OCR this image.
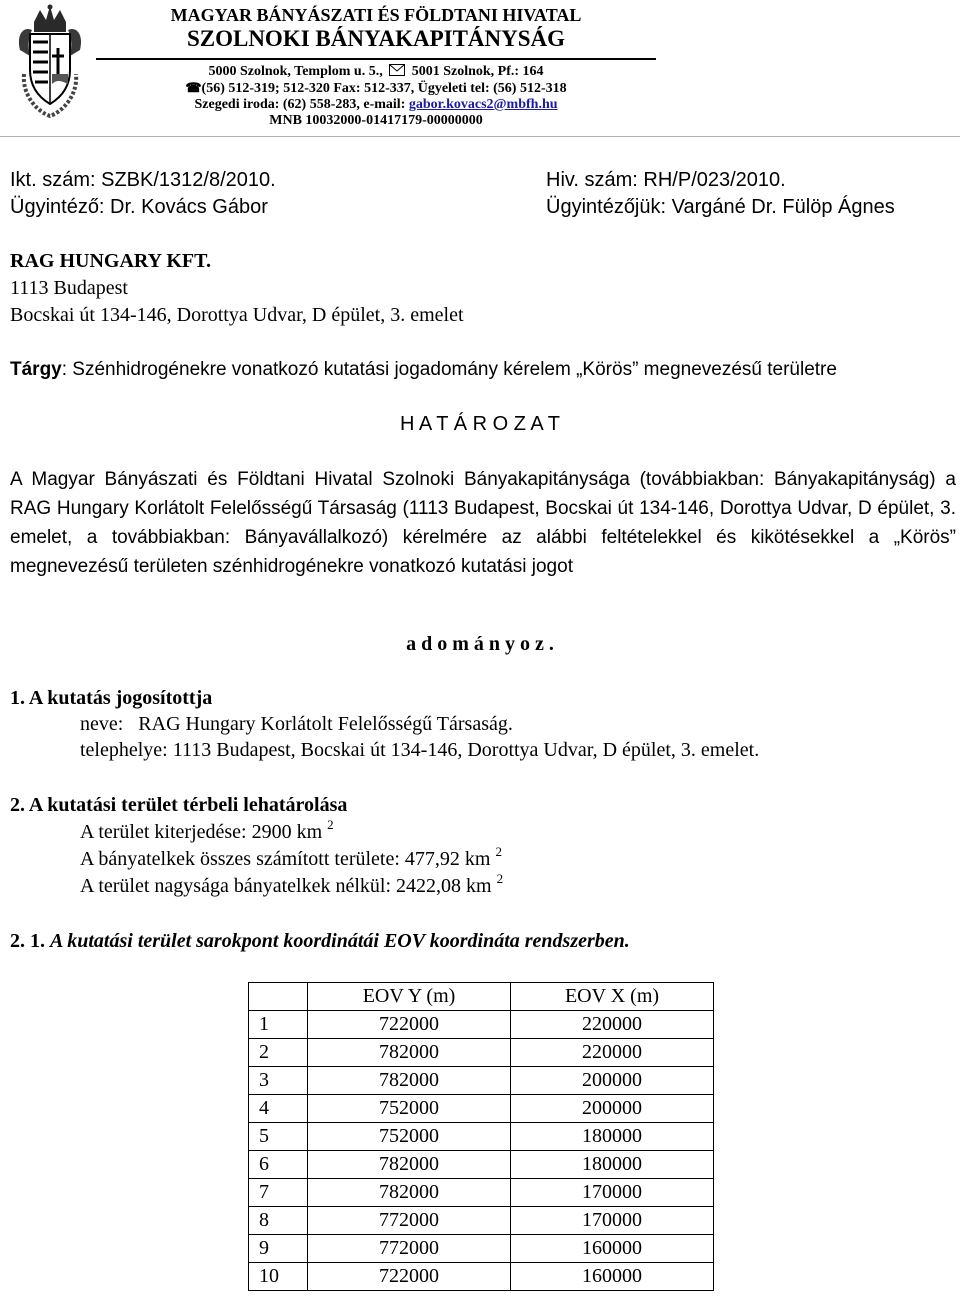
MAGYAR BÁNYÁSZATI ÉS FÖLDTANI HIVATAL
SZOLNOKI BÁNYAKAPITÁNYSÁG
5000 Szolnok, Templom u. 5., 5001 Szolnok, Pf.: 164
☎(56) 512-319; 512-320 Fax: 512-337, Ügyeleti tel: (56) 512-318
Szegedi iroda: (62) 558-283, e-mail: gabor.kovacs2@mbfh.hu
MNB 10032000-01417179-00000000
Ikt. szám: SZBK/1312/8/2010.
Ügyintéző: Dr. Kovács Gábor
Hiv. szám: RH/P/023/2010.
Ügyintézőjük: Vargáné Dr. Fülöp Ágnes
RAG HUNGARY KFT.
1113 Budapest
Bocskai út 134-146, Dorottya Udvar, D épület, 3. emelet
Tárgy: Szénhidrogénekre vonatkozó kutatási jogadomány kérelem „Körös” megnevezésű területre
H A T Á R O Z A T
A Magyar Bányászati és Földtani Hivatal Szolnoki Bányakapitánysága (továbbiakban: Bányakapitányság) a RAG Hungary Korlátolt Felelősségű Társaság (1113 Budapest, Bocskai út 134-146, Dorottya Udvar, D épület, 3. emelet, a továbbiakban: Bányavállalkozó) kérelmére az alábbi feltételekkel és kikötésekkel a „Körös” megnevezésű területen szénhidrogénekre vonatkozó kutatási jogot
a d o m á n y o z .
1. A kutatás jogosítottja
neve:   RAG Hungary Korlátolt Felelősségű Társaság.
telephelye: 1113 Budapest, Bocskai út 134-146, Dorottya Udvar, D épület, 3. emelet.
2. A kutatási terület térbeli lehatárolása
A terület kiterjedése: 2900 km $^2$
A bányatelkek összes számított területe: 477,92 km $^2$
A terület nagysága bányatelkek nélkül: 2422,08 km $^2$
2. 1. A kutatási terület sarokpont koordinátái EOV koordináta rendszerben.
	EOV Y (m)	EOV X (m)
1	722000	220000
2	782000	220000
3	782000	200000
4	752000	200000
5	752000	180000
6	782000	180000
7	782000	170000
8	772000	170000
9	772000	160000
10	722000	160000
